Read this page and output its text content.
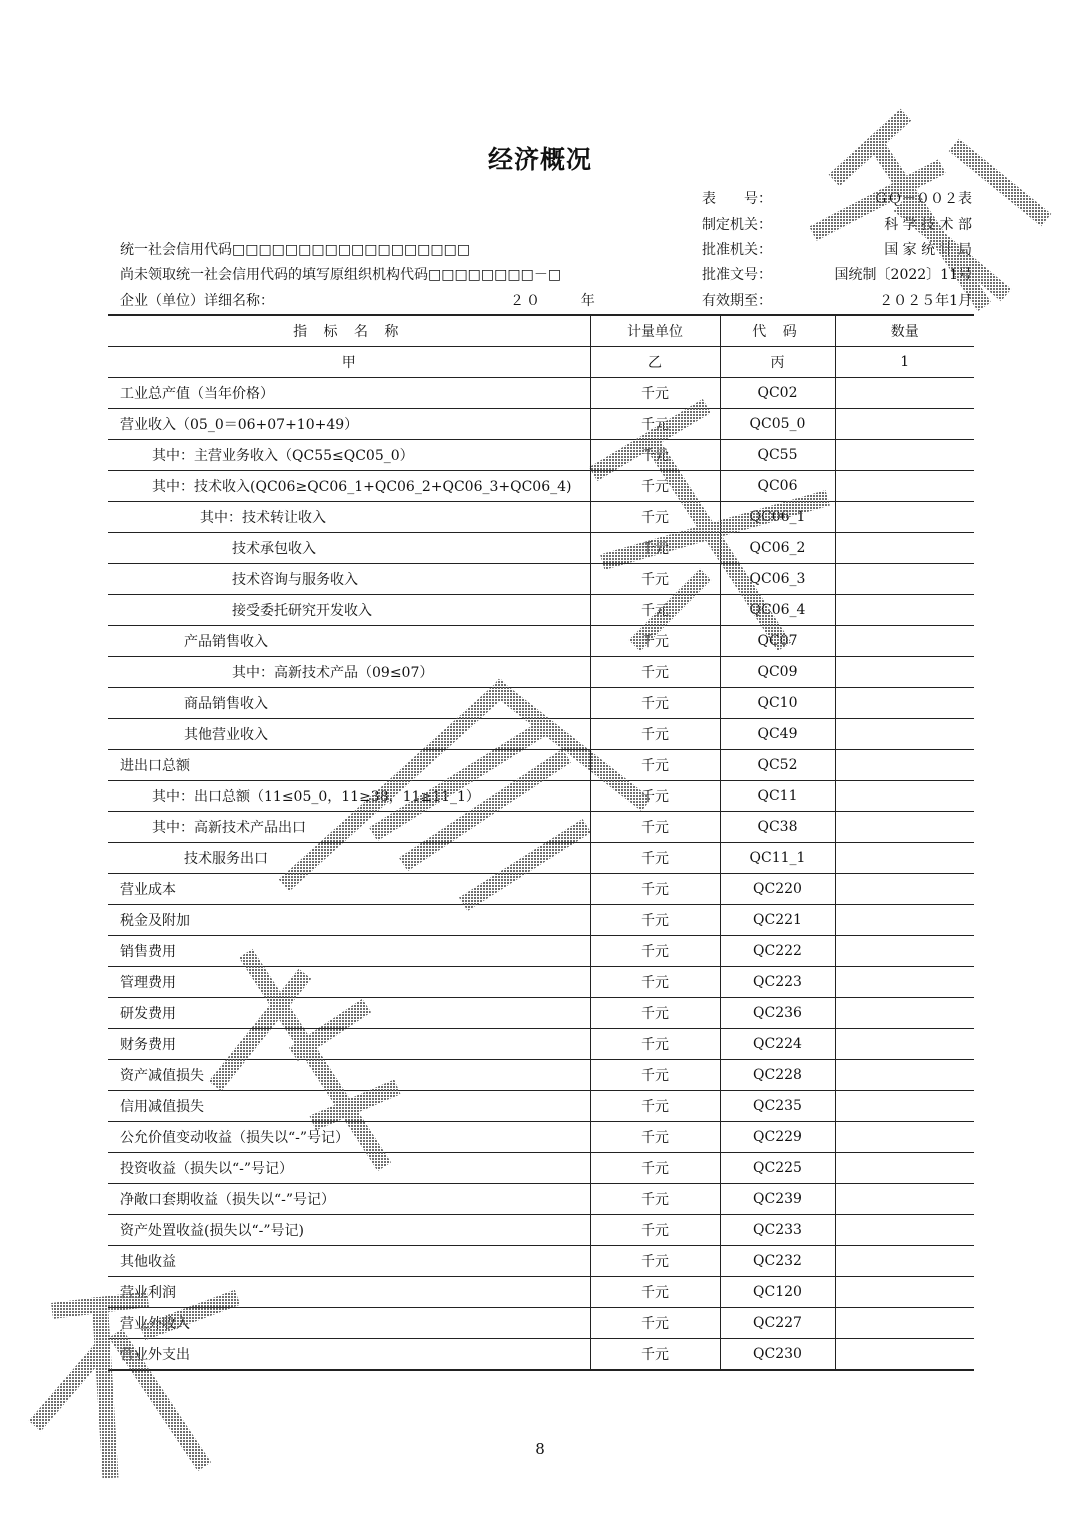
经济概况
表　　号：	ＧＱ－００２表
制定机关：	科 学 技 术 部
批准机关：	国 家 统 计 局
批准文号：	国统制〔2022〕11号
有效期至：	２０２５年1月
统一社会信用代码□□□□□□□□□□□□□□□□□□
尚未领取统一社会信用代码的填写原组织机构代码□□□□□□□□－□
企业（单位）详细名称：	２０	年
指 标 名 称	计量单位	代 码	数量
甲	乙	丙	1
工业总产值（当年价格）	千元	QC02	
营业收入（05_0＝06+07+10+49）	千元	QC05_0	
其中：主营业务收入（QC55≤QC05_0）	千元	QC55	
其中：技术收入(QC06≥QC06_1+QC06_2+QC06_3+QC06_4)	千元	QC06	
其中：技术转让收入	千元	QC06_1	
技术承包收入	千元	QC06_2	
技术咨询与服务收入	千元	QC06_3	
接受委托研究开发收入	千元	QC06_4	
产品销售收入	千元	QC07	
其中：高新技术产品（09≤07）	千元	QC09	
商品销售收入	千元	QC10	
其他营业收入	千元	QC49	
进出口总额	千元	QC52	
其中：出口总额（11≤05_0，11≥38，11≥11_1）	千元	QC11	
其中：高新技术产品出口	千元	QC38	
技术服务出口	千元	QC11_1	
营业成本	千元	QC220	
税金及附加	千元	QC221	
销售费用	千元	QC222	
管理费用	千元	QC223	
研发费用	千元	QC236	
财务费用	千元	QC224	
资产减值损失	千元	QC228	
信用减值损失	千元	QC235	
公允价值变动收益（损失以“-”号记）	千元	QC229	
投资收益（损失以“-”号记）	千元	QC225	
净敞口套期收益（损失以“-”号记）	千元	QC239	
资产处置收益(损失以“-”号记)	千元	QC233	
其他收益	千元	QC232	
营业利润	千元	QC120	
营业外收入	千元	QC227	
营业外支出	千元	QC230	
8
